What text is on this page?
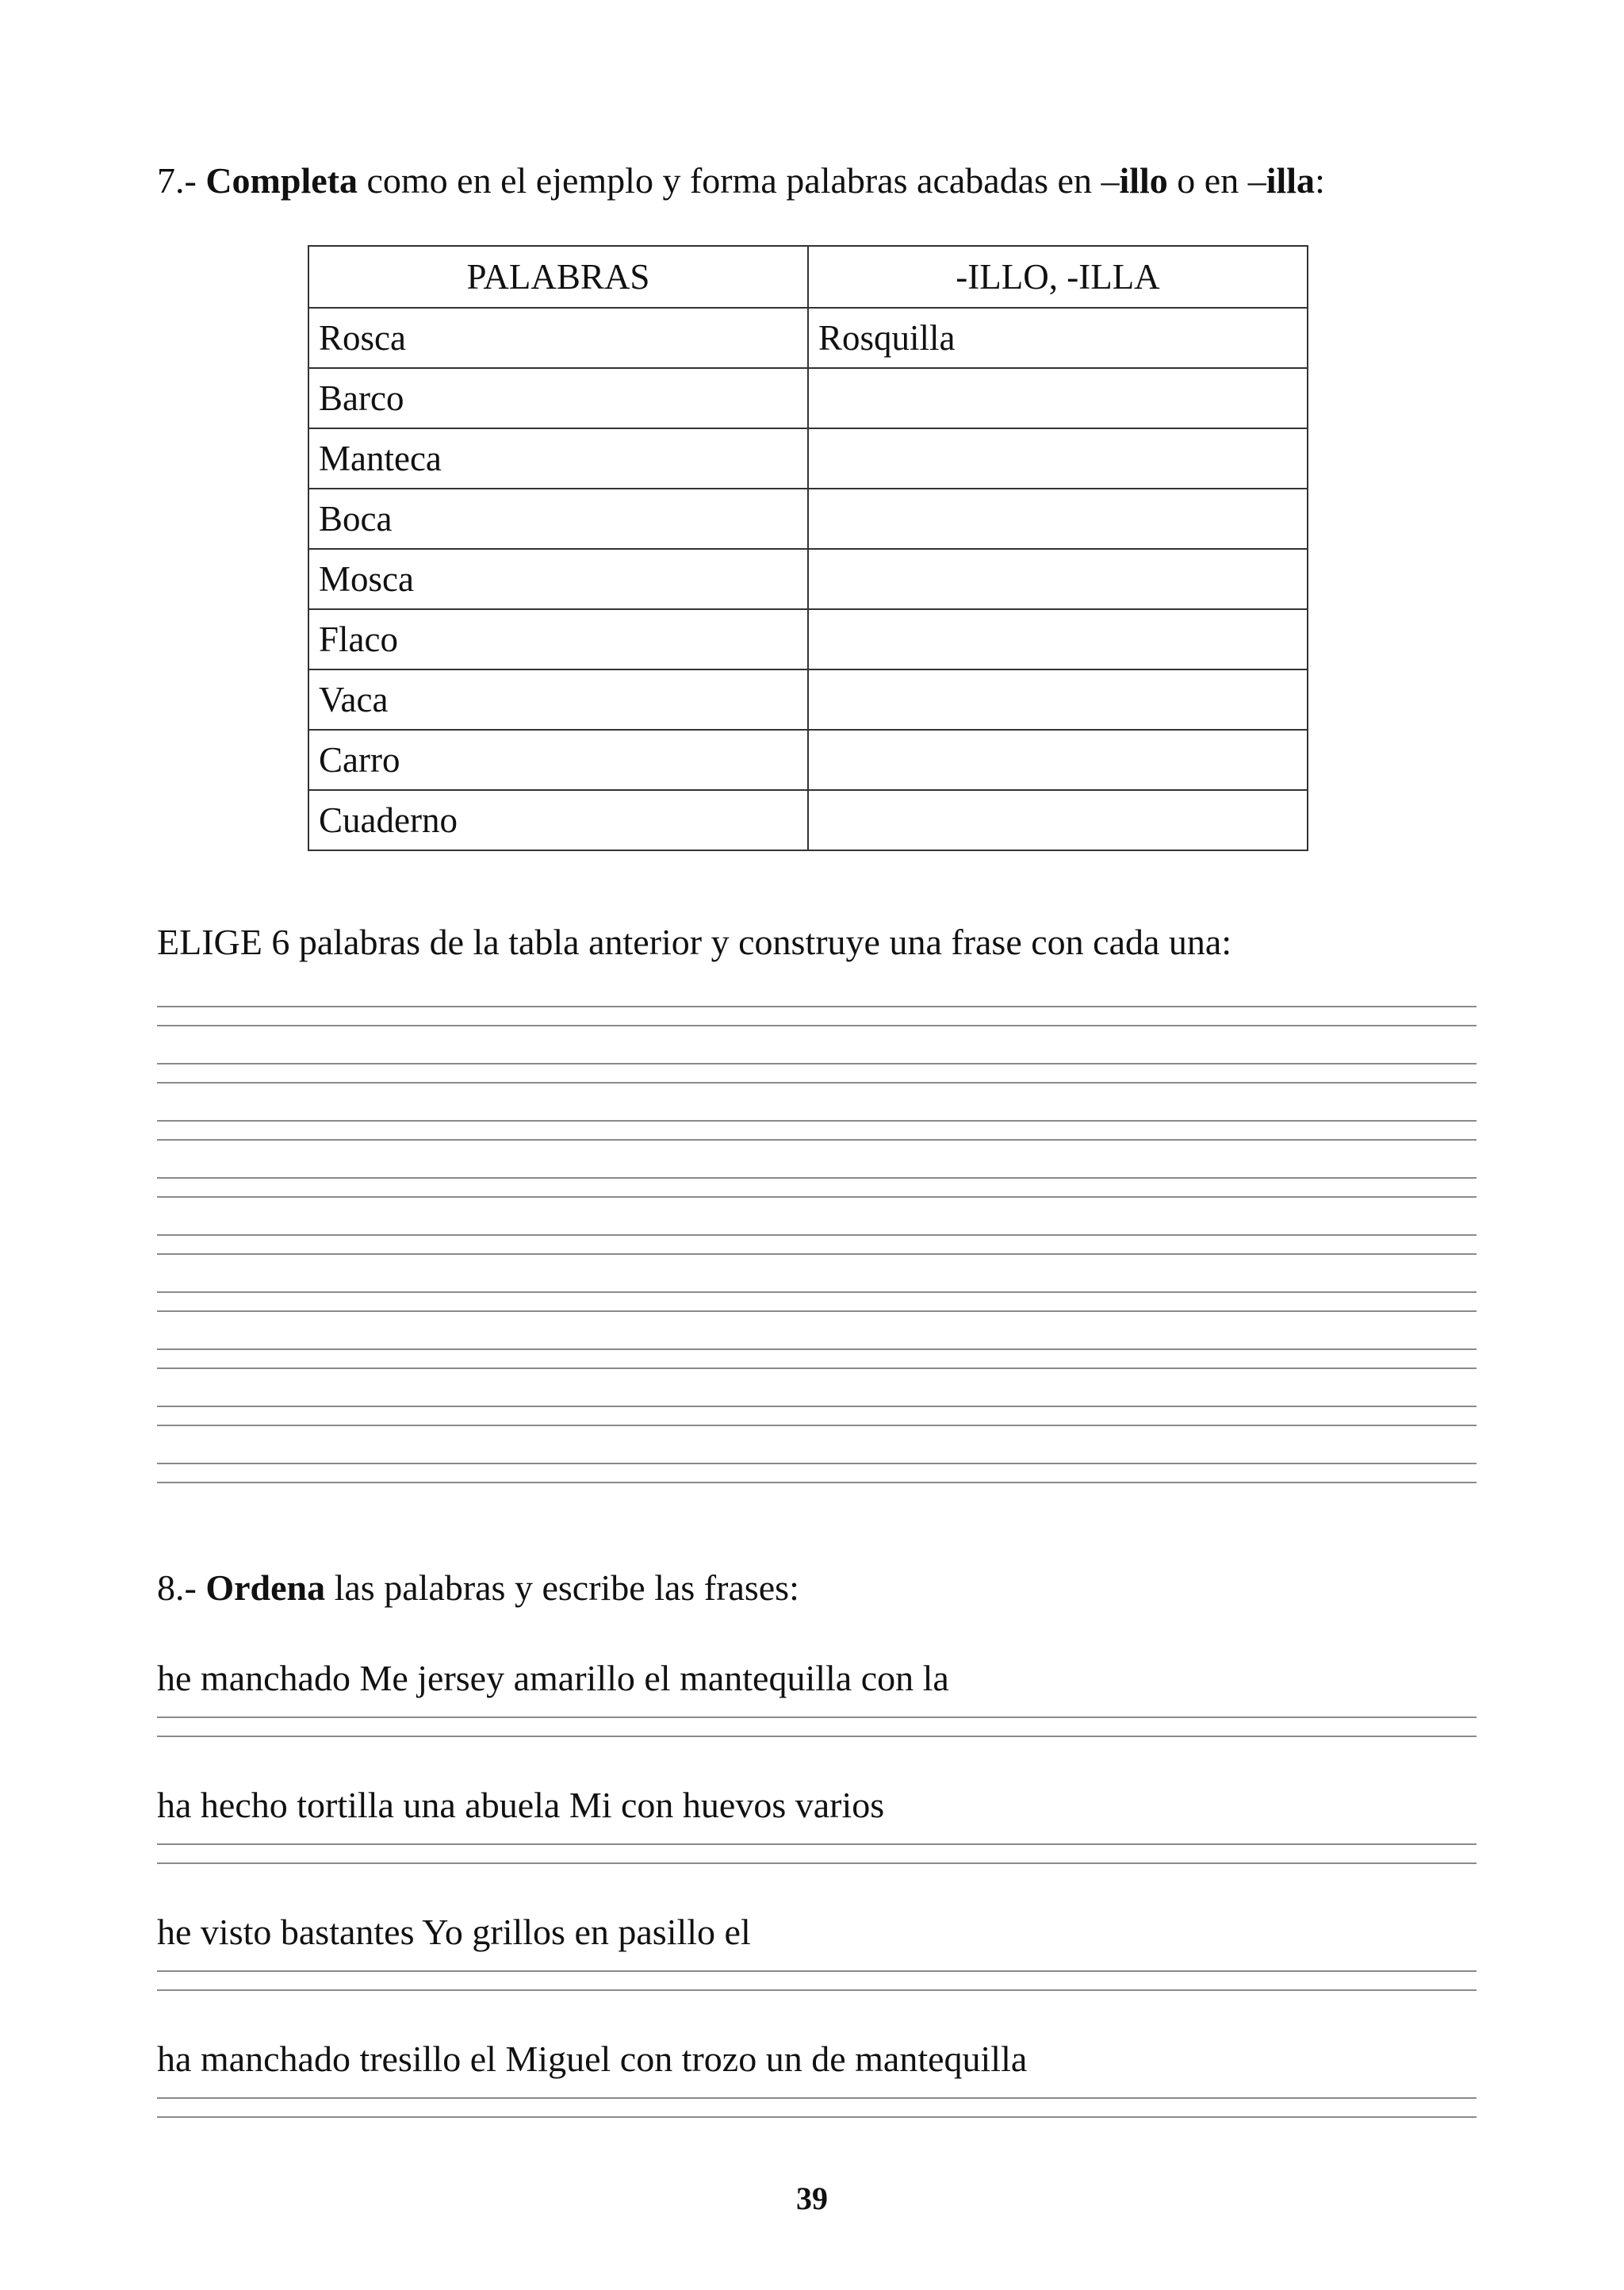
7.- Completa como en el ejemplo y forma palabras acabadas en –illo o en –illa:
PALABRAS	-ILLO, -ILLA
Rosca	Rosquilla
Barco	
Manteca	
Boca	
Mosca	
Flaco	
Vaca	
Carro	
Cuaderno	
ELIGE 6 palabras de la tabla anterior y construye una frase con cada una:
8.- Ordena las palabras y escribe las frases:
he manchado Me jersey amarillo el mantequilla con la
ha hecho tortilla una abuela Mi con huevos varios
he visto bastantes Yo grillos en pasillo el
ha manchado tresillo el Miguel con trozo un de mantequilla
39
